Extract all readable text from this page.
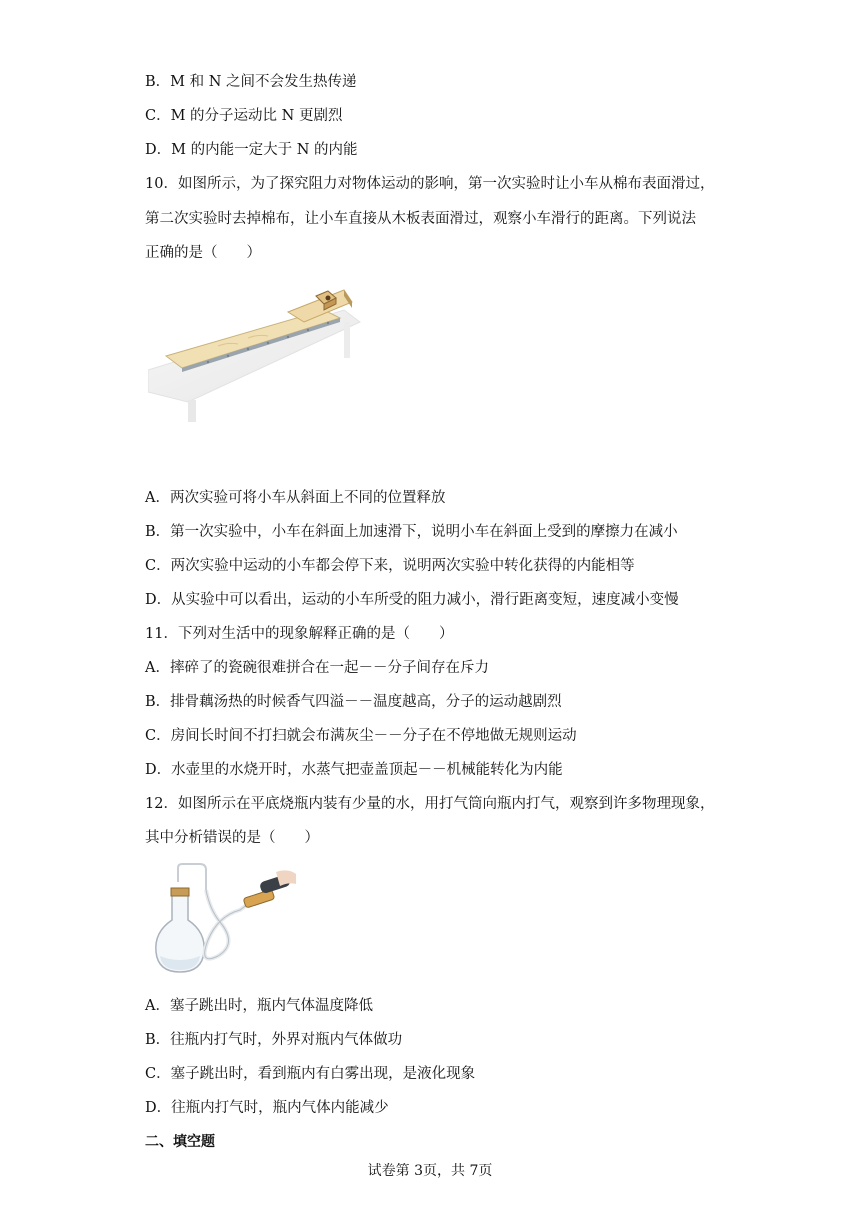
B．M 和 N 之间不会发生热传递
C．M 的分子运动比 N 更剧烈
D．M 的内能一定大于 N 的内能
10．如图所示，为了探究阻力对物体运动的影响，第一次实验时让小车从棉布表面滑过，
第二次实验时去掉棉布，让小车直接从木板表面滑过，观察小车滑行的距离。下列说法
正确的是（　　）
A．两次实验可将小车从斜面上不同的位置释放
B．第一次实验中，小车在斜面上加速滑下，说明小车在斜面上受到的摩擦力在减小
C．两次实验中运动的小车都会停下来，说明两次实验中转化获得的内能相等
D．从实验中可以看出，运动的小车所受的阻力减小，滑行距离变短，速度减小变慢
11．下列对生活中的现象解释正确的是（　　）
A．摔碎了的瓷碗很难拼合在一起－－分子间存在斥力
B．排骨藕汤热的时候香气四溢－－温度越高，分子的运动越剧烈
C．房间长时间不打扫就会布满灰尘－－分子在不停地做无规则运动
D．水壶里的水烧开时，水蒸气把壶盖顶起－－机械能转化为内能
12．如图所示在平底烧瓶内装有少量的水，用打气筒向瓶内打气，观察到许多物理现象，
其中分析错误的是（　　）
A．塞子跳出时，瓶内气体温度降低
B．往瓶内打气时，外界对瓶内气体做功
C．塞子跳出时，看到瓶内有白雾出现，是液化现象
D．往瓶内打气时，瓶内气体内能减少
二、填空题
试卷第 3页，共 7页
